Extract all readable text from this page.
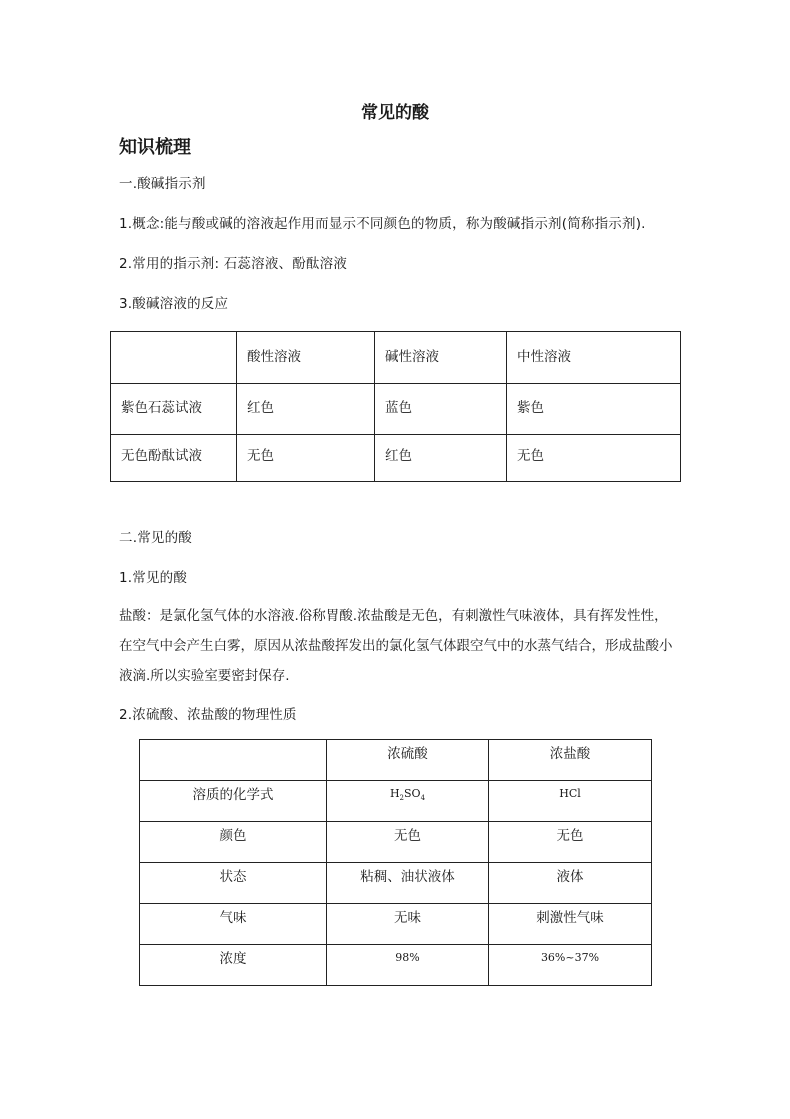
常见的酸
知识梳理
一.酸碱指示剂
1.概念:能与酸或碱的溶液起作用而显示不同颜色的物质，称为酸碱指示剂(简称指示剂).
2.常用的指示剂: 石蕊溶液、酚酞溶液
3.酸碱溶液的反应
	酸性溶液	碱性溶液	中性溶液
紫色石蕊试液	红色	蓝色	紫色
无色酚酞试液	无色	红色	无色
二.常见的酸
1.常见的酸
盐酸：是氯化氢气体的水溶液.俗称胃酸.浓盐酸是无色，有刺激性气味液体，具有挥发性性，在空气中会产生白雾，原因从浓盐酸挥发出的氯化氢气体跟空气中的水蒸气结合，形成盐酸小液滴.所以实验室要密封保存.
2.浓硫酸、浓盐酸的物理性质
	浓硫酸	浓盐酸
溶质的化学式	$H_2SO_4$	HCl
颜色	无色	无色
状态	粘稠、油状液体	液体
气味	无味	刺激性气味
浓度	98%	36%~37%
